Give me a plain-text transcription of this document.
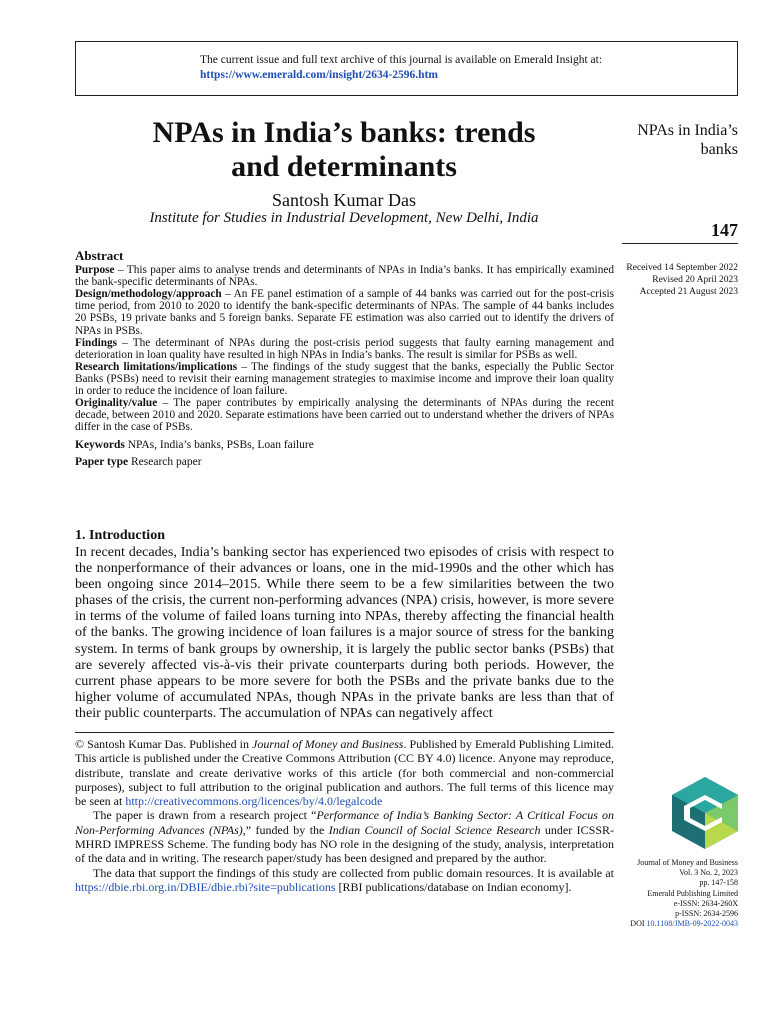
The current issue and full text archive of this journal is available on Emerald Insight at:
https://www.emerald.com/insight/2634-2596.htm
NPAs in India’s banks: trends
and determinants
Santosh Kumar Das
Institute for Studies in Industrial Development, New Delhi, India
NPAs in India’s
banks
147
Received 14 September 2022
Revised 20 April 2023
Accepted 21 August 2023
Abstract

Purpose – This paper aims to analyse trends and determinants of NPAs in India’s banks. It has empirically examined the bank-specific determinants of NPAs.

Design/methodology/approach – An FE panel estimation of a sample of 44 banks was carried out for the post-crisis time period, from 2010 to 2020 to identify the bank-specific determinants of NPAs. The sample of 44 banks includes 20 PSBs, 19 private banks and 5 foreign banks. Separate FE estimation was also carried out to identify the drivers of NPAs in PSBs.

Findings – The determinant of NPAs during the post-crisis period suggests that faulty earning management and deterioration in loan quality have resulted in high NPAs in India’s banks. The result is similar for PSBs as well.

Research limitations/implications – The findings of the study suggest that the banks, especially the Public Sector Banks (PSBs) need to revisit their earning management strategies to maximise income and improve their loan quality in order to reduce the incidence of loan failure.

Originality/value – The paper contributes by empirically analysing the determinants of NPAs during the recent decade, between 2010 and 2020. Separate estimations have been carried out to understand whether the drivers of NPAs differ in the case of PSBs.

Keywords NPAs, India’s banks, PSBs, Loan failure
Paper type Research paper
1. Introduction

In recent decades, India’s banking sector has experienced two episodes of crisis with respect to the nonperformance of their advances or loans, one in the mid-1990s and the other which has been ongoing since 2014–2015. While there seem to be a few similarities between the two phases of the crisis, the current non-performing advances (NPA) crisis, however, is more severe in terms of the volume of failed loans turning into NPAs, thereby affecting the financial health of the banks. The growing incidence of loan failures is a major source of stress for the banking system. In terms of bank groups by ownership, it is largely the public sector banks (PSBs) that are severely affected vis-à-vis their private counterparts during both periods. However, the current phase appears to be more severe for both the PSBs and the private banks due to the higher volume of accumulated NPAs, though NPAs in the private banks are less than that of their public counterparts. The accumulation of NPAs can negatively affect

© Santosh Kumar Das. Published in Journal of Money and Business. Published by Emerald Publishing Limited. This article is published under the Creative Commons Attribution (CC BY 4.0) licence. Anyone may reproduce, distribute, translate and create derivative works of this article (for both commercial and non-commercial purposes), subject to full attribution to the original publication and authors. The full terms of this licence may be seen at http://creativecommons.org/licences/by/4.0/legalcode

The paper is drawn from a research project “Performance of India’s Banking Sector: A Critical Focus on Non-Performing Advances (NPAs),” funded by the Indian Council of Social Science Research under ICSSR-MHRD IMPRESS Scheme. The funding body has NO role in the designing of the study, analysis, interpretation of the data and in writing. The research paper/study has been designed and prepared by the author.

The data that support the findings of this study are collected from public domain resources. It is available at https://dbie.rbi.org.in/DBIE/dbie.rbi?site=publications [RBI publications/database on Indian economy].

Journal of Money and Business
Vol. 3 No. 2, 2023
pp. 147-158
Emerald Publishing Limited
e-ISSN: 2634-260X
p-ISSN: 2634-2596
DOI 10.1108/JMB-09-2022-0043
